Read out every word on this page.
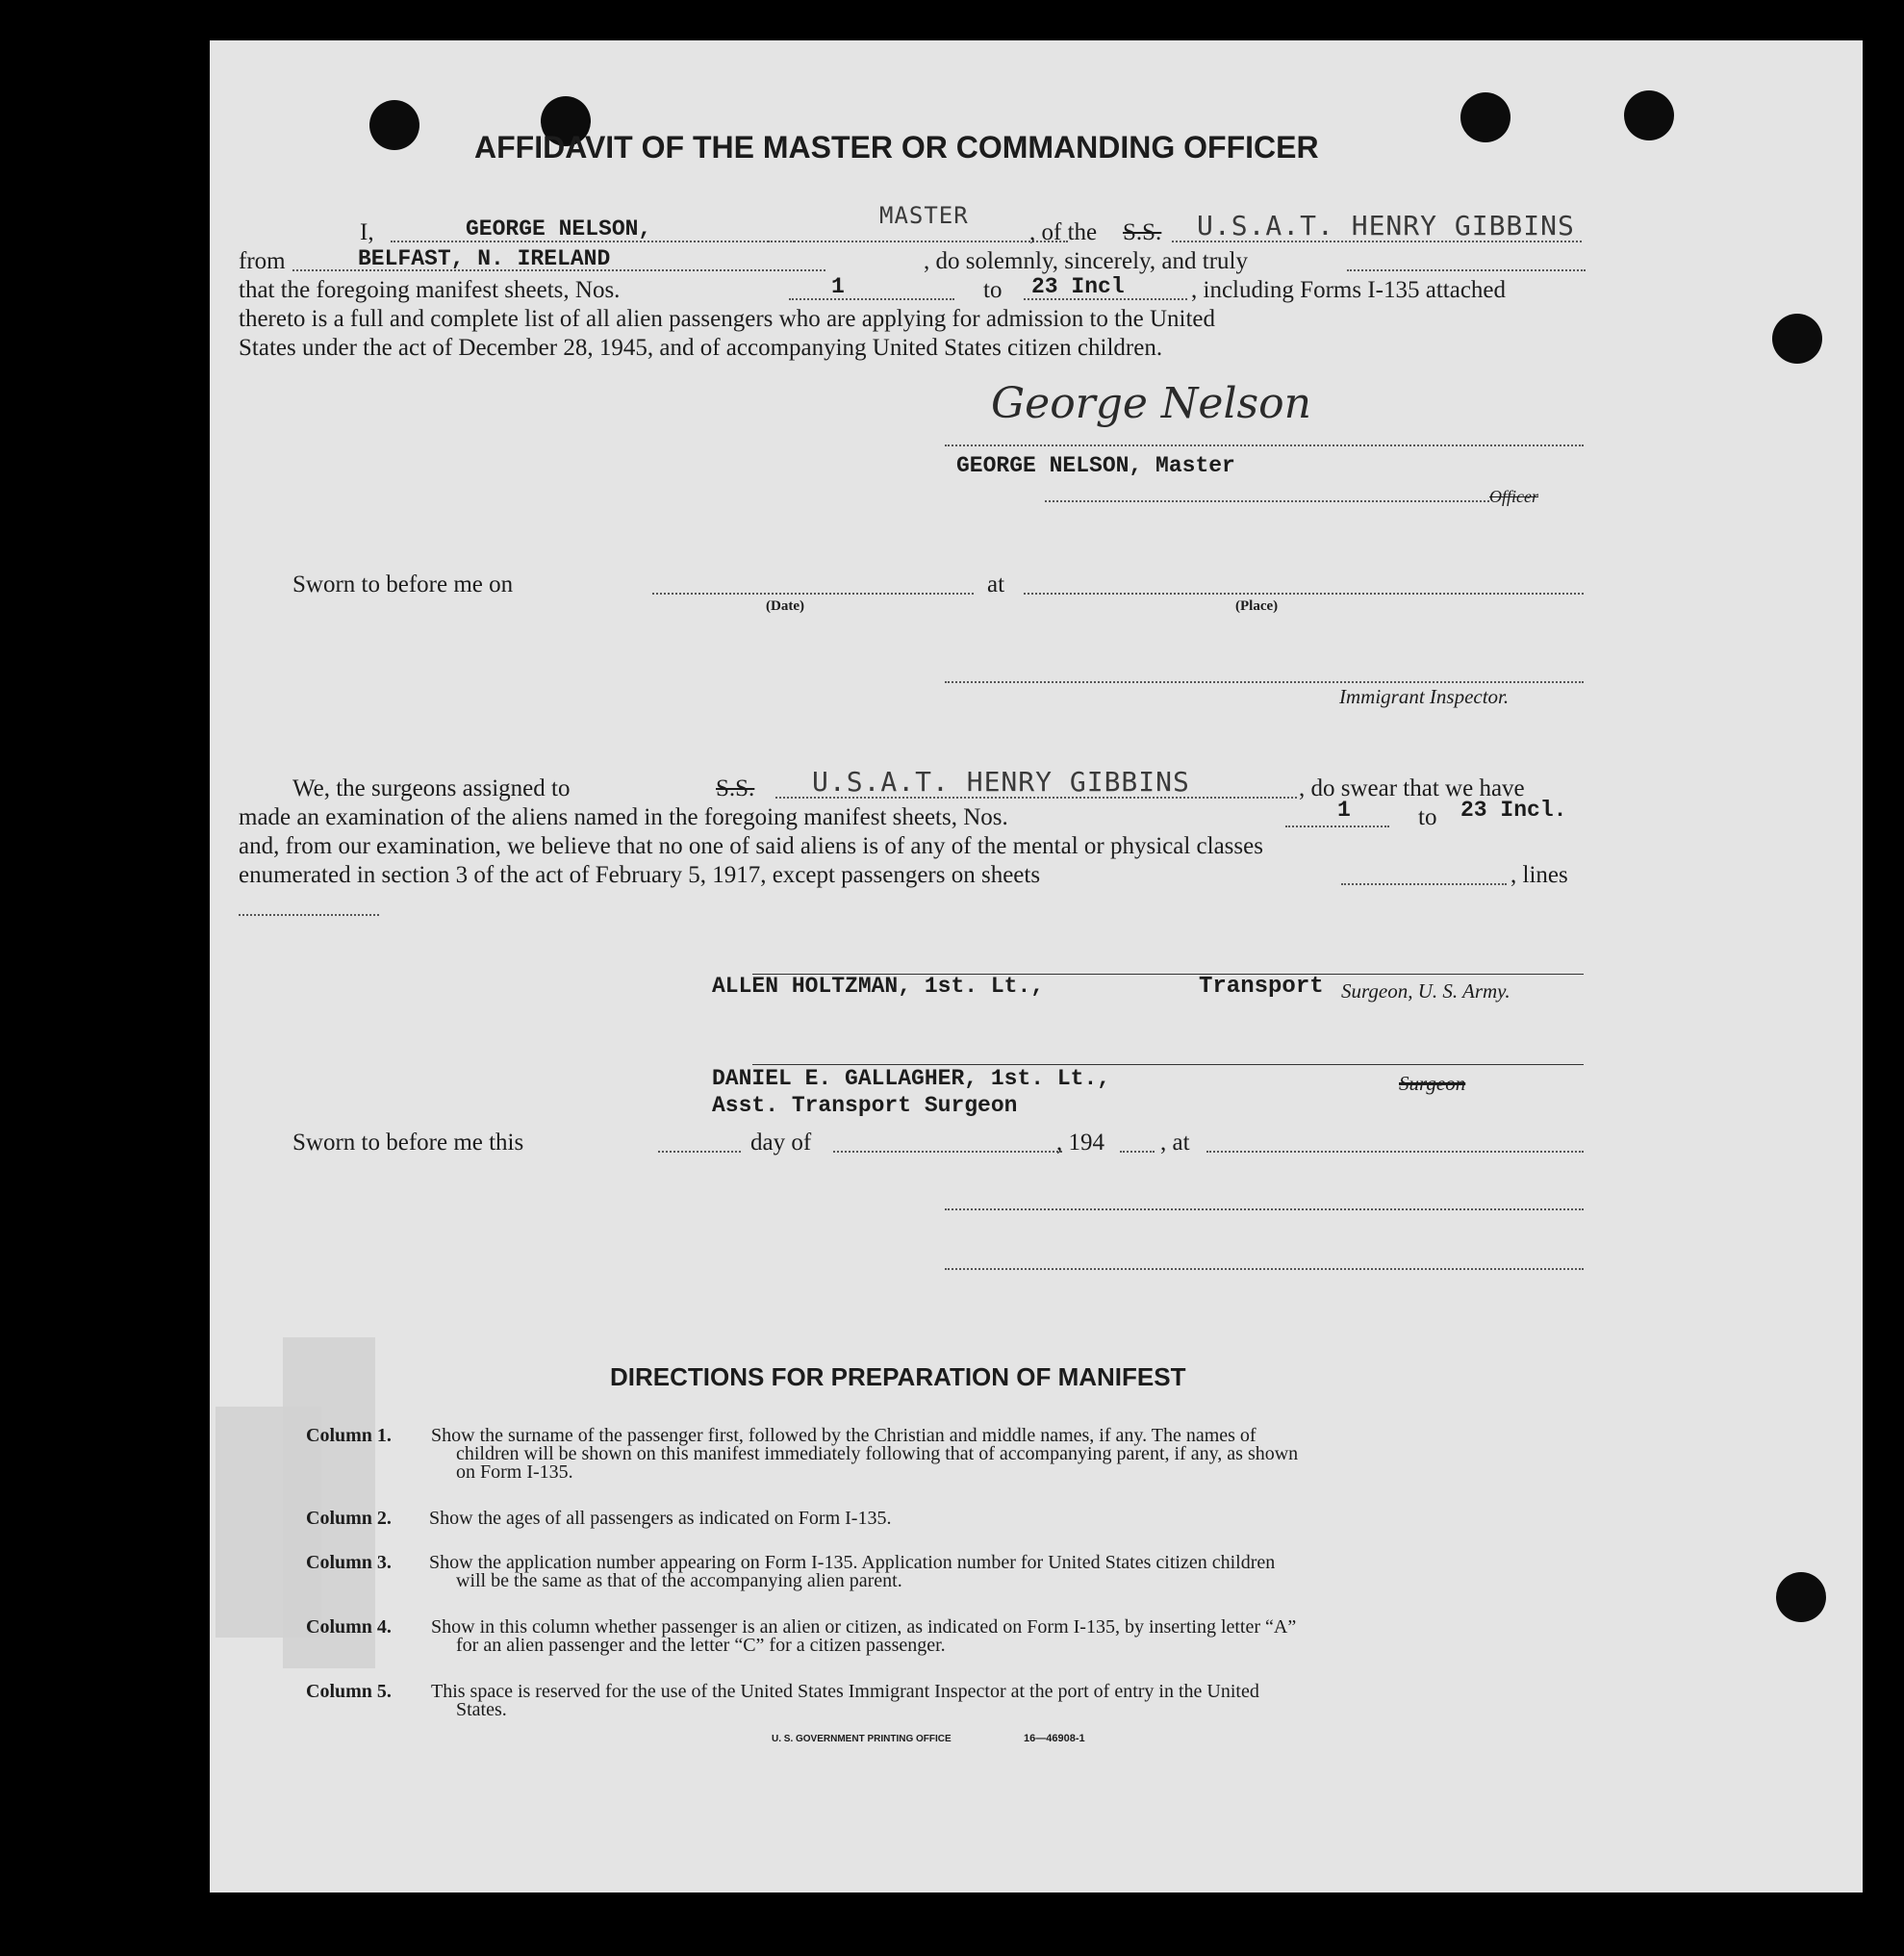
AFFIDAVIT OF THE MASTER OR COMMANDING OFFICER
I,	GEORGE NELSON,	MASTER
, of the S.S. U.S.A.T. HENRY GIBBINS
from	BELFAST, N. IRELAND	, do solemnly, sincerely, and truly
that the foregoing manifest sheets, Nos.	1	to 23 Incl	, including Forms I-135 attached
thereto is a full and complete list of all alien passengers who are applying for admission to the United
States under the act of December 28, 1945, and of accompanying United States citizen children.
George Nelson
GEORGE NELSON, Master
Officer
Sworn to before me on
(Date)
at
(Place)
Immigrant Inspector.
We, the surgeons assigned to	S.S. U.S.A.T. HENRY GIBBINS	, do swear that we have
made an examination of the aliens named in the foregoing manifest sheets, Nos.	1	to 23 Incl.
and, from our examination, we believe that no one of said aliens is of any of the mental or physical classes
enumerated in section 3 of the act of February 5, 1917, except passengers on sheets	, lines
ALLEN HOLTZMAN, 1st. Lt.,	Transport Surgeon, U. S. Army.
DANIEL E. GALLAGHER, 1st. Lt.,
Asst. Transport Surgeon
Surgeon
Sworn to before me this	day of	, 194 , at
DIRECTIONS FOR PREPARATION OF MANIFEST
Column 1. Show the surname of the passenger first, followed by the Christian and middle names, if any. The names of
children will be shown on this manifest immediately following that of accompanying parent, if any, as shown
on Form I-135.
Column 2. Show the ages of all passengers as indicated on Form I-135.
Column 3. Show the application number appearing on Form I-135. Application number for United States citizen children
will be the same as that of the accompanying alien parent.
Column 4. Show in this column whether passenger is an alien or citizen, as indicated on Form I-135, by inserting letter “A”
for an alien passenger and the letter “C” for a citizen passenger.
Column 5. This space is reserved for the use of the United States Immigrant Inspector at the port of entry in the United
States.
U. S. GOVERNMENT PRINTING OFFICE	16—46908-1
